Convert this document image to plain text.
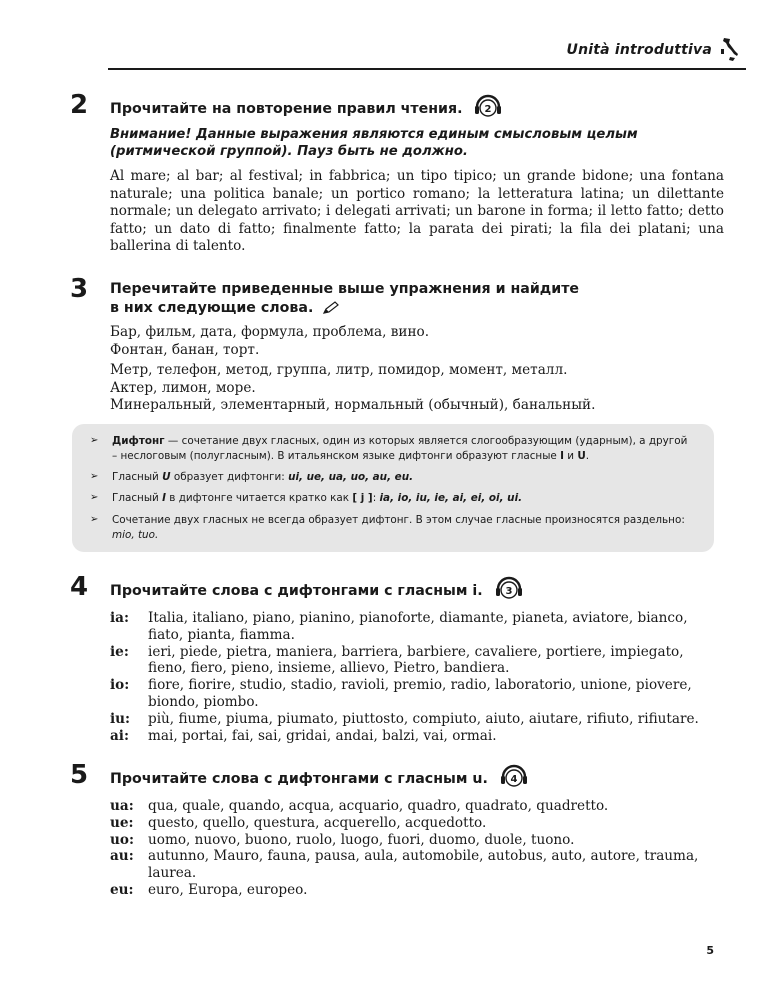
Unità introduttiva
2 Прочитайте на повторение правил чтения. 2
Внимание! Данные выражения являются единым смысловым целым (ритмической группой). Пауз быть не должно.
Al mare; al bar; al festival; in fabbrica; un tipo tipico; un grande bidone; una fontana naturale; una politica banale; un portico romano; la letteratura latina; un dilettante normale; un delegato arrivato; i delegati arrivati; un barone in forma; il letto fatto; detto fatto; un dato di fatto; finalmente fatto; la parata dei pirati; la fila dei platani; una ballerina di talento.
3 Перечитайте приведенные выше упражнения и найдите
в них следующие слова.
Бар, фильм, дата, формула, проблема, вино.
Фонтан, банан, торт.
Метр, телефон, метод, группа, литр, помидор, момент, металл.
Актер, лимон, море.
Минеральный, элементарный, нормальный (обычный), банальный.
➢ Дифтонг — сочетание двух гласных, один из которых является слогообразующим (ударным), а другой – неслоговым (полугласным). В итальянском языке дифтонги образуют гласные I и U.
➢ Гласный U образует дифтонги: ui, ue, ua, uo, au, eu.
➢ Гласный I в дифтонге читается кратко как [ j ]: ia, io, iu, ie, ai, ei, oi, ui.
➢ Сочетание двух гласных не всегда образует дифтонг. В этом случае гласные произносятся раздельно: mio, tuo.
4 Прочитайте слова с дифтонгами с гласным i. 3
ia: Italia, italiano, piano, pianino, pianoforte, diamante, pianeta, aviatore, bianco, fiato, pianta, fiamma.
ie: ieri, piede, pietra, maniera, barriera, barbiere, cavaliere, portiere, impiegato, fieno, fiero, pieno, insieme, allievo, Pietro, bandiera.
io: fiore, fiorire, studio, stadio, ravioli, premio, radio, laboratorio, unione, piovere, biondo, piombo.
iu: più, fiume, piuma, piumato, piuttosto, compiuto, aiuto, aiutare, rifiuto, rifiutare.
ai: mai, portai, fai, sai, gridai, andai, balzi, vai, ormai.
5 Прочитайте слова с дифтонгами с гласным u. 4
ua: qua, quale, quando, acqua, acquario, quadro, quadrato, quadretto.
ue: questo, quello, questura, acquerello, acquedotto.
uo: uomo, nuovo, buono, ruolo, luogo, fuori, duomo, duole, tuono.
au: autunno, Mauro, fauna, pausa, aula, automobile, autobus, auto, autore, trauma, laurea.
eu: euro, Europa, europeo.
5
